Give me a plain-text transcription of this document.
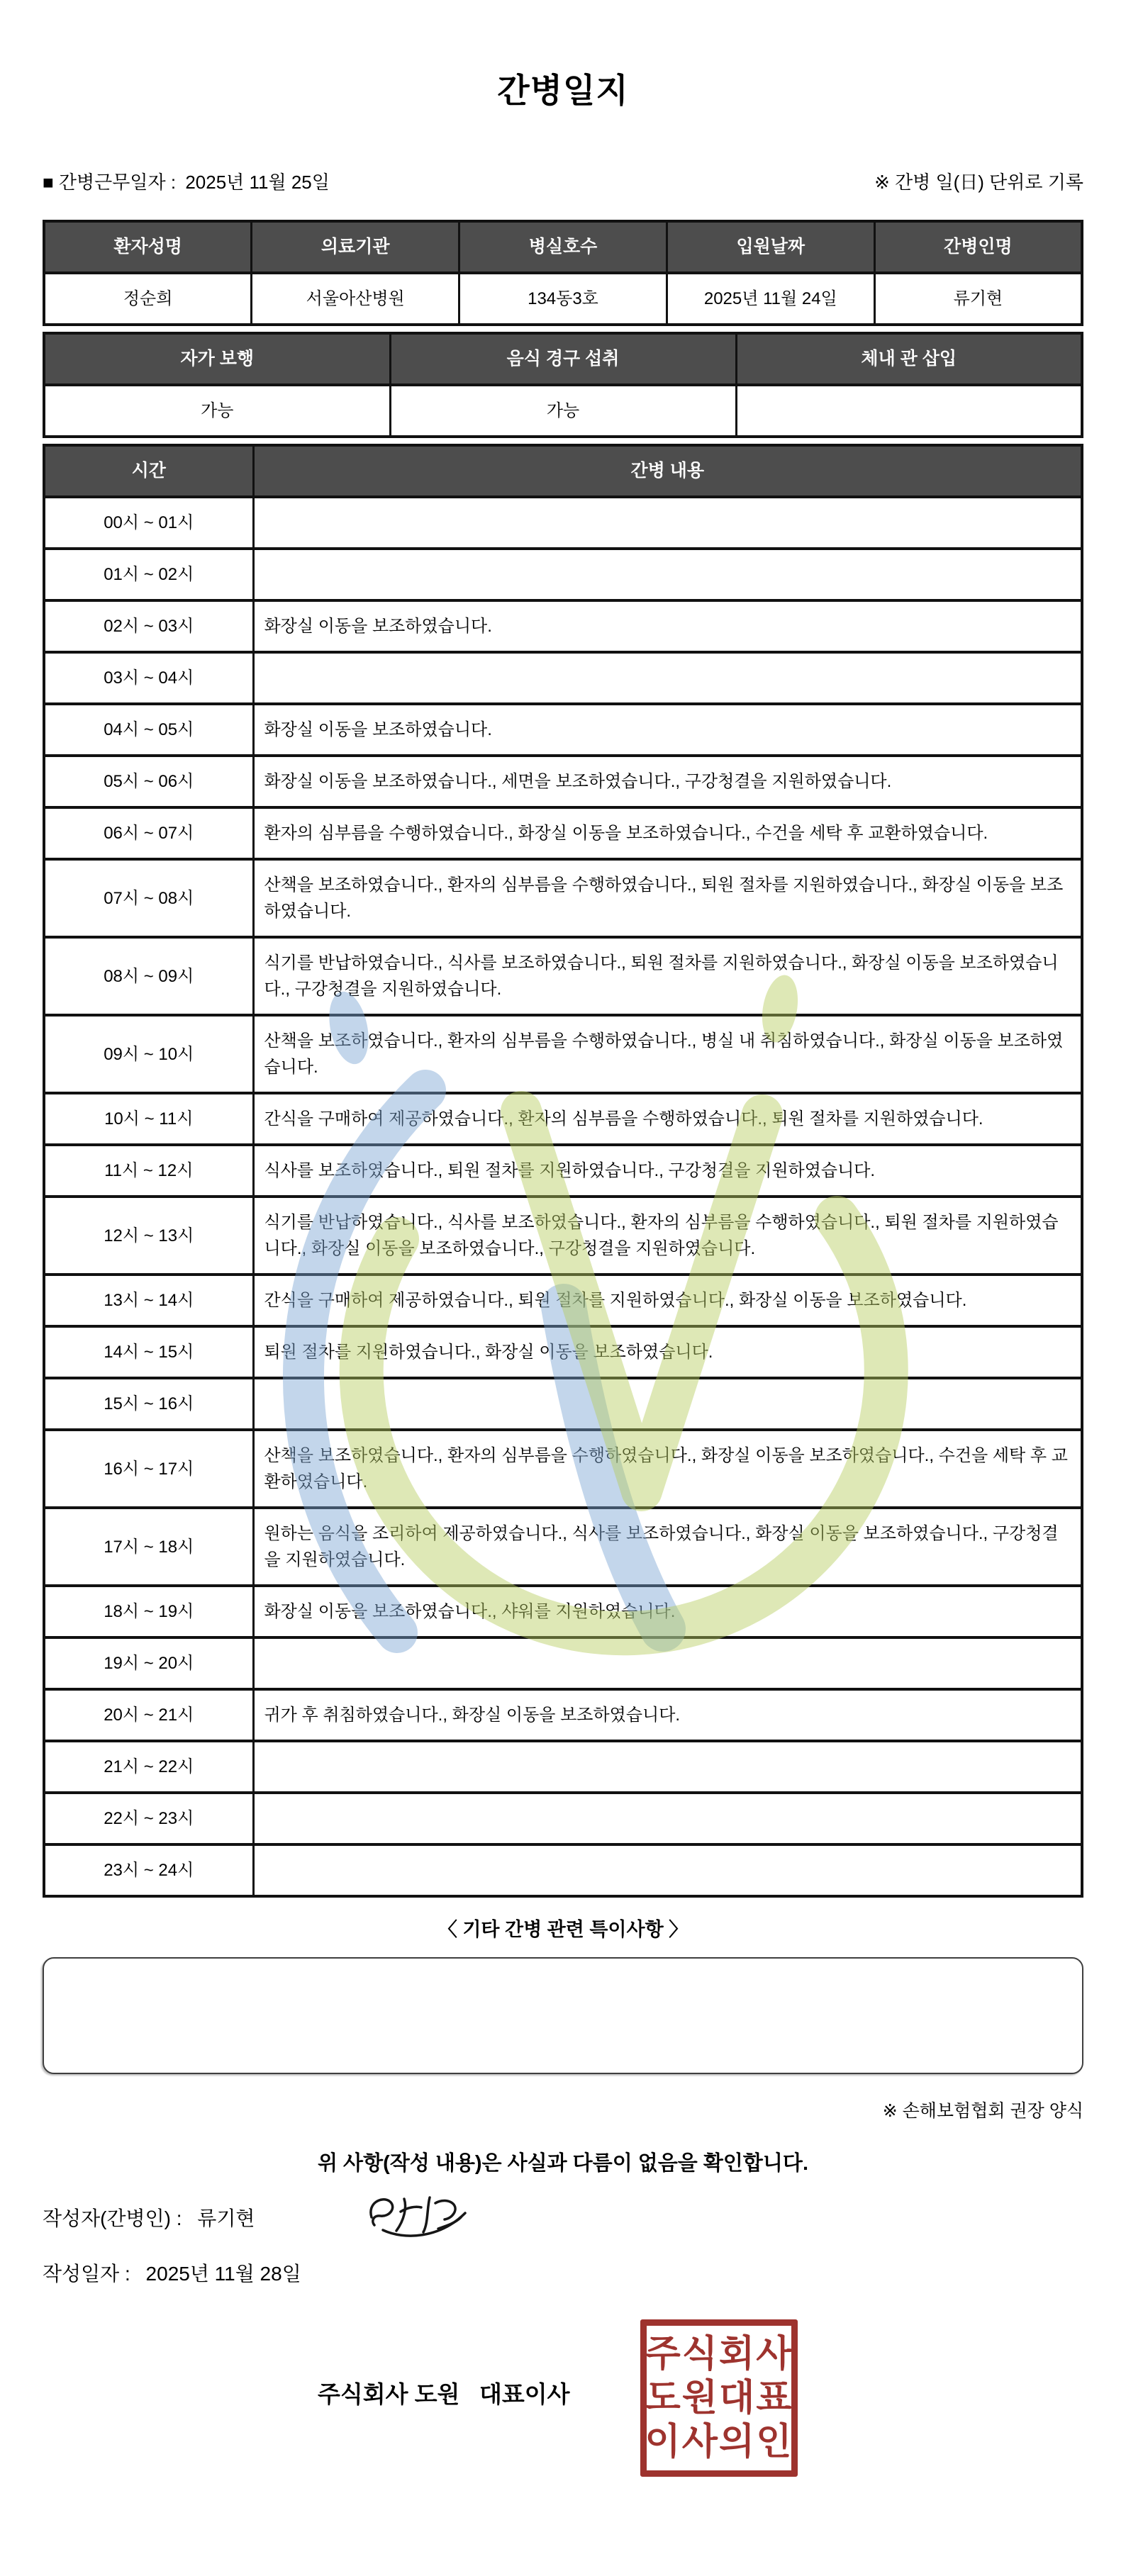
간병일지
■ 간병근무일자 : 2025년 11월 25일	※ 간병 일(日) 단위로 기록
환자성명	의료기관	병실호수	입원날짜	간병인명
정순희	서울아산병원	134동3호	2025년 11월 24일	류기현
자가 보행	음식 경구 섭취	체내 관 삽입
가능	가능	
시간	간병 내용
00시 ~ 01시	
01시 ~ 02시	
02시 ~ 03시	화장실 이동을 보조하였습니다.
03시 ~ 04시	
04시 ~ 05시	화장실 이동을 보조하였습니다.
05시 ~ 06시	화장실 이동을 보조하였습니다., 세면을 보조하였습니다., 구강청결을 지원하였습니다.
06시 ~ 07시	환자의 심부름을 수행하였습니다., 화장실 이동을 보조하였습니다., 수건을 세탁 후 교환하였습니다.
07시 ~ 08시	산책을 보조하였습니다., 환자의 심부름을 수행하였습니다., 퇴원 절차를 지원하였습니다., 화장실 이동을 보조하였습니다.
08시 ~ 09시	식기를 반납하였습니다., 식사를 보조하였습니다., 퇴원 절차를 지원하였습니다., 화장실 이동을 보조하였습니다., 구강청결을 지원하였습니다.
09시 ~ 10시	산책을 보조하였습니다., 환자의 심부름을 수행하였습니다., 병실 내 취침하였습니다., 화장실 이동을 보조하였습니다.
10시 ~ 11시	간식을 구매하여 제공하였습니다., 환자의 심부름을 수행하였습니다., 퇴원 절차를 지원하였습니다.
11시 ~ 12시	식사를 보조하였습니다., 퇴원 절차를 지원하였습니다., 구강청결을 지원하였습니다.
12시 ~ 13시	식기를 반납하였습니다., 식사를 보조하였습니다., 환자의 심부름을 수행하였습니다., 퇴원 절차를 지원하였습니다., 화장실 이동을 보조하였습니다., 구강청결을 지원하였습니다.
13시 ~ 14시	간식을 구매하여 제공하였습니다., 퇴원 절차를 지원하였습니다., 화장실 이동을 보조하였습니다.
14시 ~ 15시	퇴원 절차를 지원하였습니다., 화장실 이동을 보조하였습니다.
15시 ~ 16시	
16시 ~ 17시	산책을 보조하였습니다., 환자의 심부름을 수행하였습니다., 화장실 이동을 보조하였습니다., 수건을 세탁 후 교환하였습니다.
17시 ~ 18시	원하는 음식을 조리하여 제공하였습니다., 식사를 보조하였습니다., 화장실 이동을 보조하였습니다., 구강청결을 지원하였습니다.
18시 ~ 19시	화장실 이동을 보조하였습니다., 샤워를 지원하였습니다.
19시 ~ 20시	
20시 ~ 21시	귀가 후 취침하였습니다., 화장실 이동을 보조하였습니다.
21시 ~ 22시	
22시 ~ 23시	
23시 ~ 24시	
〈 기타 간병 관련 특이사항 〉
※ 손해보험협회 권장 양식
위 사항(작성 내용)은 사실과 다름이 없음을 확인합니다.
작성자(간병인) : 류기현
작성일자 : 2025년 11월 28일
주식회사 도원   대표이사
주식회사
도원대표
이사의인
